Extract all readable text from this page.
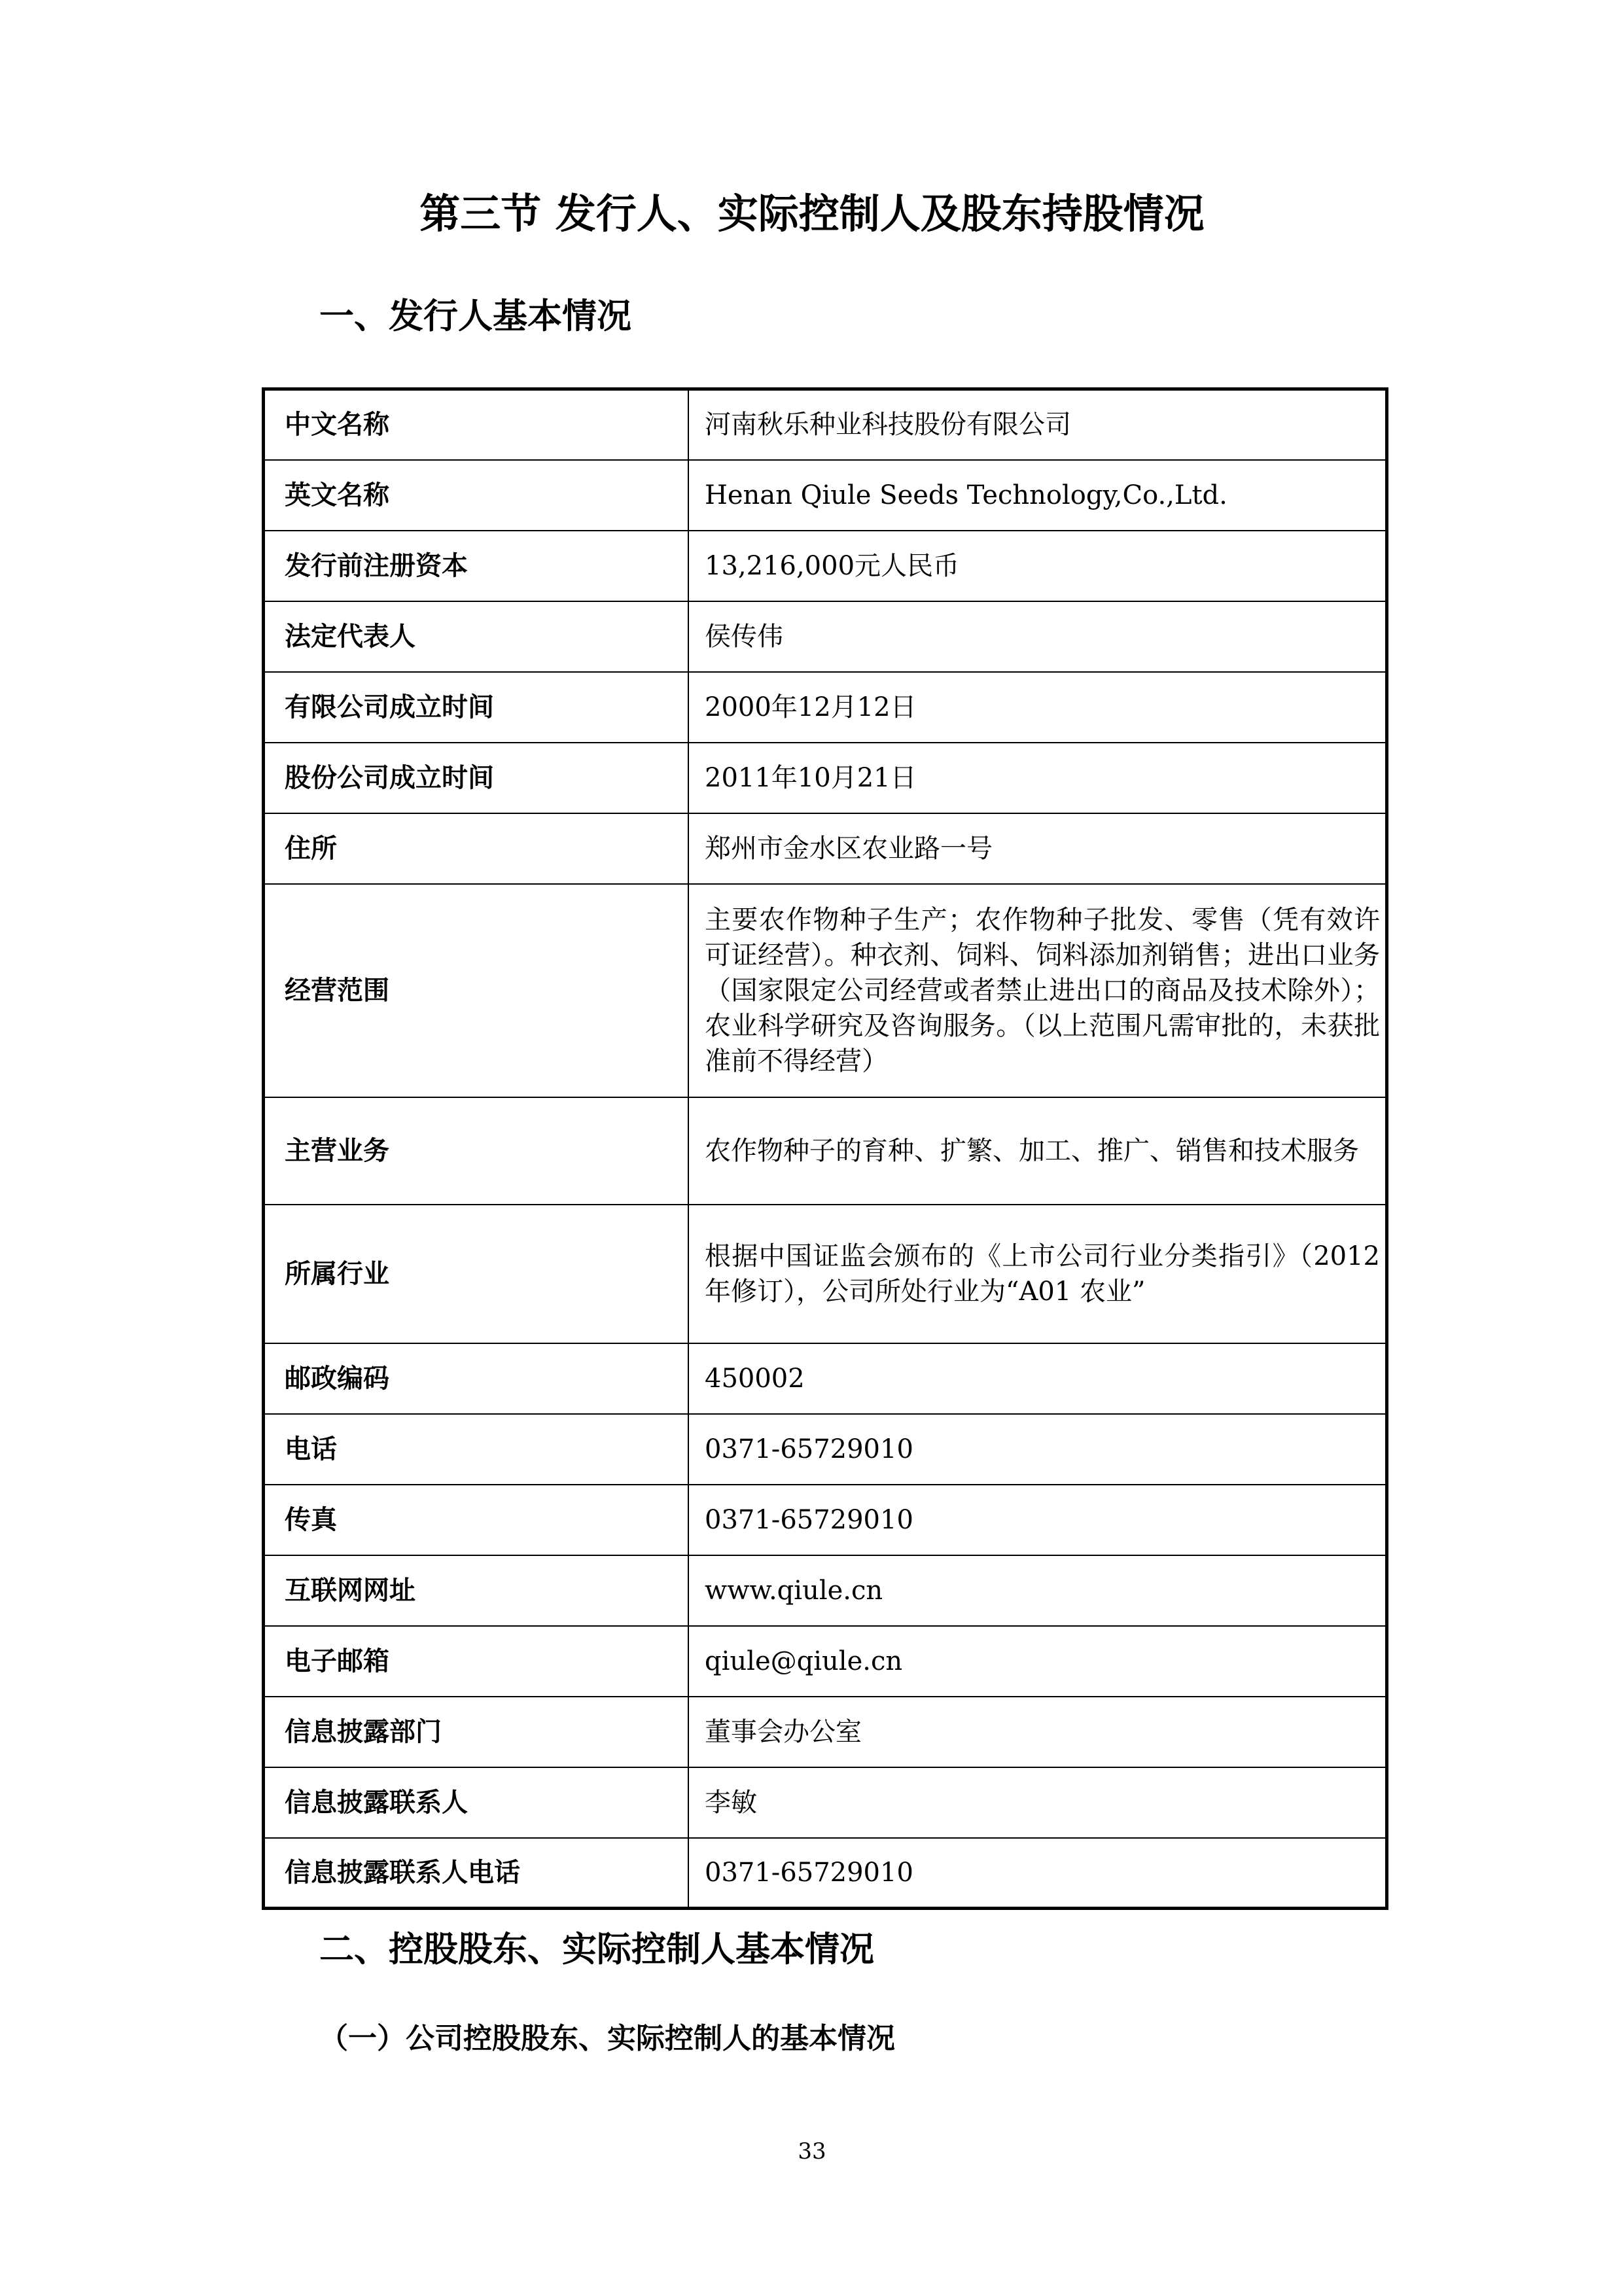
第三节 发行人、实际控制人及股东持股情况
一、发行人基本情况
中文名称	河南秋乐种业科技股份有限公司
英文名称	Henan Qiule Seeds Technology,Co.,Ltd.
发行前注册资本	13,216,000元人民币
法定代表人	侯传伟
有限公司成立时间	2000年12月12日
股份公司成立时间	2011年10月21日
住所	郑州市金水区农业路一号
经营范围	主要农作物种子生产；农作物种子批发、零售（凭有效许可证经营）。种衣剂、饲料、饲料添加剂销售；进出口业务（国家限定公司经营或者禁止进出口的商品及技术除外）；农业科学研究及咨询服务。（以上范围凡需审批的，未获批准前不得经营）
主营业务	农作物种子的育种、扩繁、加工、推广、销售和技术服务
所属行业	根据中国证监会颁布的《上市公司行业分类指引》（2012年修订），公司所处行业为“A01 农业”
邮政编码	450002
电话	0371-65729010
传真	0371-65729010
互联网网址	www.qiule.cn
电子邮箱	qiule@qiule.cn
信息披露部门	董事会办公室
信息披露联系人	李敏
信息披露联系人电话	0371-65729010
二、控股股东、实际控制人基本情况
（一）公司控股股东、实际控制人的基本情况
33
